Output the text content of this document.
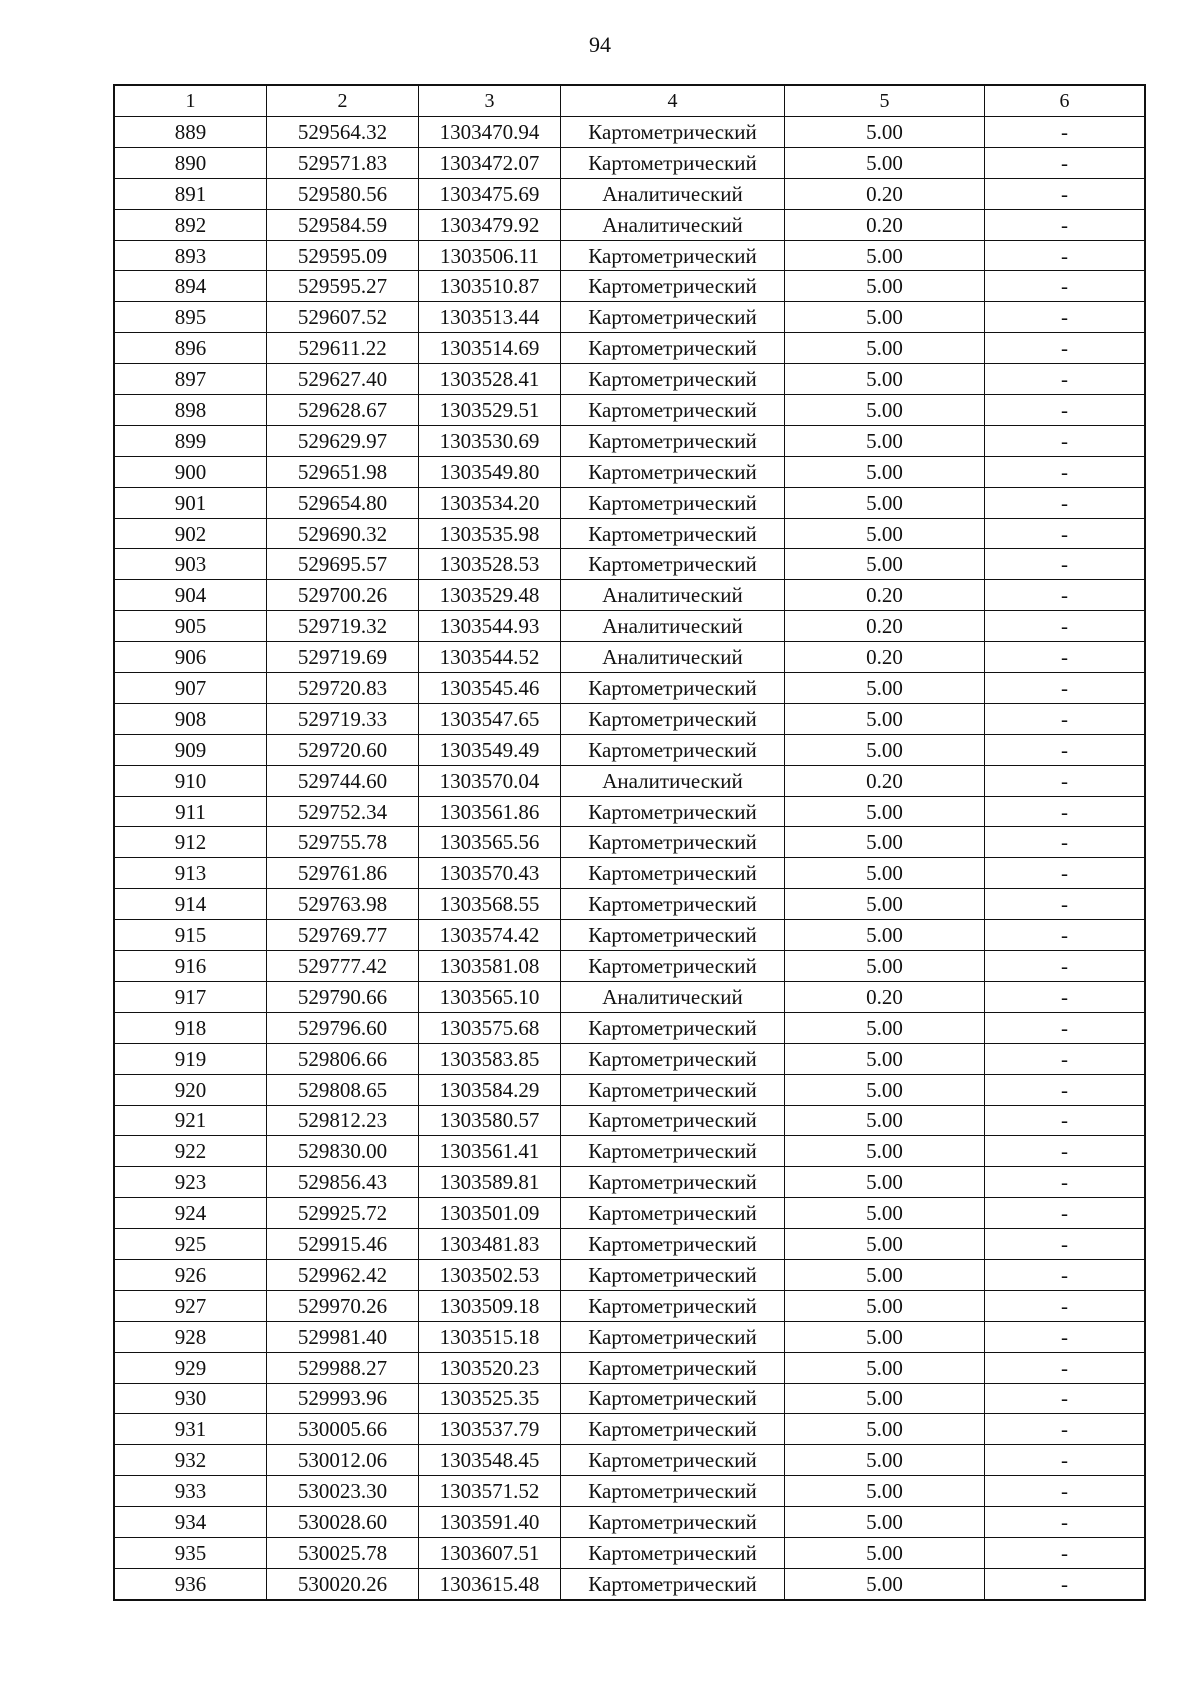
94
1	2	3	4	5	6
889	529564.32	1303470.94	Картометрический	5.00	-
890	529571.83	1303472.07	Картометрический	5.00	-
891	529580.56	1303475.69	Аналитический	0.20	-
892	529584.59	1303479.92	Аналитический	0.20	-
893	529595.09	1303506.11	Картометрический	5.00	-
894	529595.27	1303510.87	Картометрический	5.00	-
895	529607.52	1303513.44	Картометрический	5.00	-
896	529611.22	1303514.69	Картометрический	5.00	-
897	529627.40	1303528.41	Картометрический	5.00	-
898	529628.67	1303529.51	Картометрический	5.00	-
899	529629.97	1303530.69	Картометрический	5.00	-
900	529651.98	1303549.80	Картометрический	5.00	-
901	529654.80	1303534.20	Картометрический	5.00	-
902	529690.32	1303535.98	Картометрический	5.00	-
903	529695.57	1303528.53	Картометрический	5.00	-
904	529700.26	1303529.48	Аналитический	0.20	-
905	529719.32	1303544.93	Аналитический	0.20	-
906	529719.69	1303544.52	Аналитический	0.20	-
907	529720.83	1303545.46	Картометрический	5.00	-
908	529719.33	1303547.65	Картометрический	5.00	-
909	529720.60	1303549.49	Картометрический	5.00	-
910	529744.60	1303570.04	Аналитический	0.20	-
911	529752.34	1303561.86	Картометрический	5.00	-
912	529755.78	1303565.56	Картометрический	5.00	-
913	529761.86	1303570.43	Картометрический	5.00	-
914	529763.98	1303568.55	Картометрический	5.00	-
915	529769.77	1303574.42	Картометрический	5.00	-
916	529777.42	1303581.08	Картометрический	5.00	-
917	529790.66	1303565.10	Аналитический	0.20	-
918	529796.60	1303575.68	Картометрический	5.00	-
919	529806.66	1303583.85	Картометрический	5.00	-
920	529808.65	1303584.29	Картометрический	5.00	-
921	529812.23	1303580.57	Картометрический	5.00	-
922	529830.00	1303561.41	Картометрический	5.00	-
923	529856.43	1303589.81	Картометрический	5.00	-
924	529925.72	1303501.09	Картометрический	5.00	-
925	529915.46	1303481.83	Картометрический	5.00	-
926	529962.42	1303502.53	Картометрический	5.00	-
927	529970.26	1303509.18	Картометрический	5.00	-
928	529981.40	1303515.18	Картометрический	5.00	-
929	529988.27	1303520.23	Картометрический	5.00	-
930	529993.96	1303525.35	Картометрический	5.00	-
931	530005.66	1303537.79	Картометрический	5.00	-
932	530012.06	1303548.45	Картометрический	5.00	-
933	530023.30	1303571.52	Картометрический	5.00	-
934	530028.60	1303591.40	Картометрический	5.00	-
935	530025.78	1303607.51	Картометрический	5.00	-
936	530020.26	1303615.48	Картометрический	5.00	-
